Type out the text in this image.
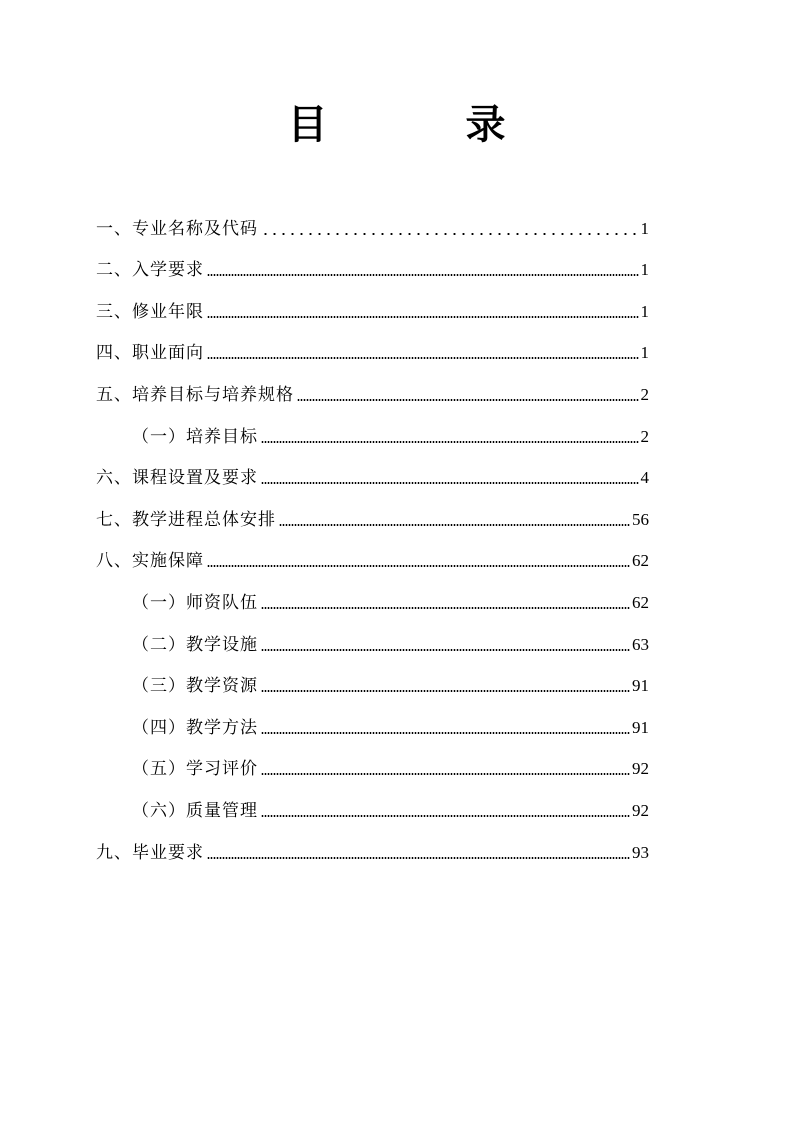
目 录
一、专业名称及代码	1
二、入学要求	1
三、修业年限	1
四、职业面向	1
五、培养目标与培养规格	2
（一）培养目标	2
六、课程设置及要求	4
七、教学进程总体安排	56
八、实施保障	62
（一）师资队伍	62
（二）教学设施	63
（三）教学资源	91
（四）教学方法	91
（五）学习评价	92
（六）质量管理	92
九、毕业要求	93
